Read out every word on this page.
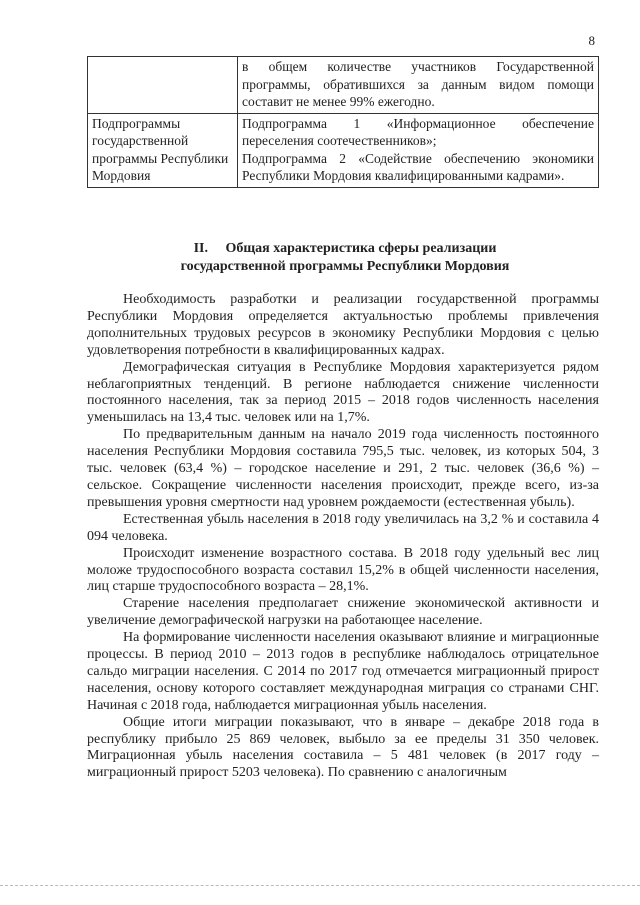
8
	в общем количестве участников Государственной программы, обратившихся за данным видом помощи составит не менее 99% ежегодно.
Подпрограммы государственной программы Республики Мордовия	Подпрограмма 1 «Информационное обеспечение переселения соотечественников»;
Подпрограмма 2 «Содействие обеспечению экономики Республики Мордовия квалифицированными кадрами».
II.     Общая характеристика сферы реализации
государственной программы Республики Мордовия

Необходимость разработки и реализации государственной программы Республики Мордовия определяется актуальностью проблемы привлечения дополнительных трудовых ресурсов в экономику Республики Мордовия с целью удовлетворения потребности в квалифицированных кадрах.

Демографическая ситуация в Республике Мордовия характеризуется рядом неблагоприятных тенденций. В регионе наблюдается снижение численности постоянного населения, так за период 2015 – 2018 годов численность населения уменьшилась на 13,4 тыс. человек или на 1,7%.

По предварительным данным на начало 2019 года численность постоянного населения Республики Мордовия составила 795,5 тыс. человек, из которых 504, 3 тыс. человек (63,4 %) – городское население и 291, 2 тыс. человек (36,6 %) – сельское. Сокращение численности населения происходит, прежде всего, из-за превышения уровня смертности над уровнем рождаемости (естественная убыль).

Естественная убыль населения в 2018 году увеличилась на 3,2 % и составила 4 094 человека.

Происходит изменение возрастного состава. В 2018 году удельный вес лиц моложе трудоспособного возраста составил 15,2% в общей численности населения, лиц старше трудоспособного возраста – 28,1%.

Старение населения предполагает снижение экономической активности и увеличение демографической нагрузки на работающее население.

На формирование численности населения оказывают влияние и миграционные процессы. В период 2010 – 2013 годов в республике наблюдалось отрицательное сальдо миграции населения. С 2014 по 2017 год отмечается миграционный прирост населения, основу которого составляет международная миграция со странами СНГ. Начиная с 2018 года, наблюдается миграционная убыль населения.

Общие итоги миграции показывают, что в январе – декабре 2018 года в республику прибыло 25 869 человек, выбыло за ее пределы 31 350 человек. Миграционная убыль населения составила – 5 481 человек (в 2017 году – миграционный прирост 5203 человека). По сравнению с аналогичным
